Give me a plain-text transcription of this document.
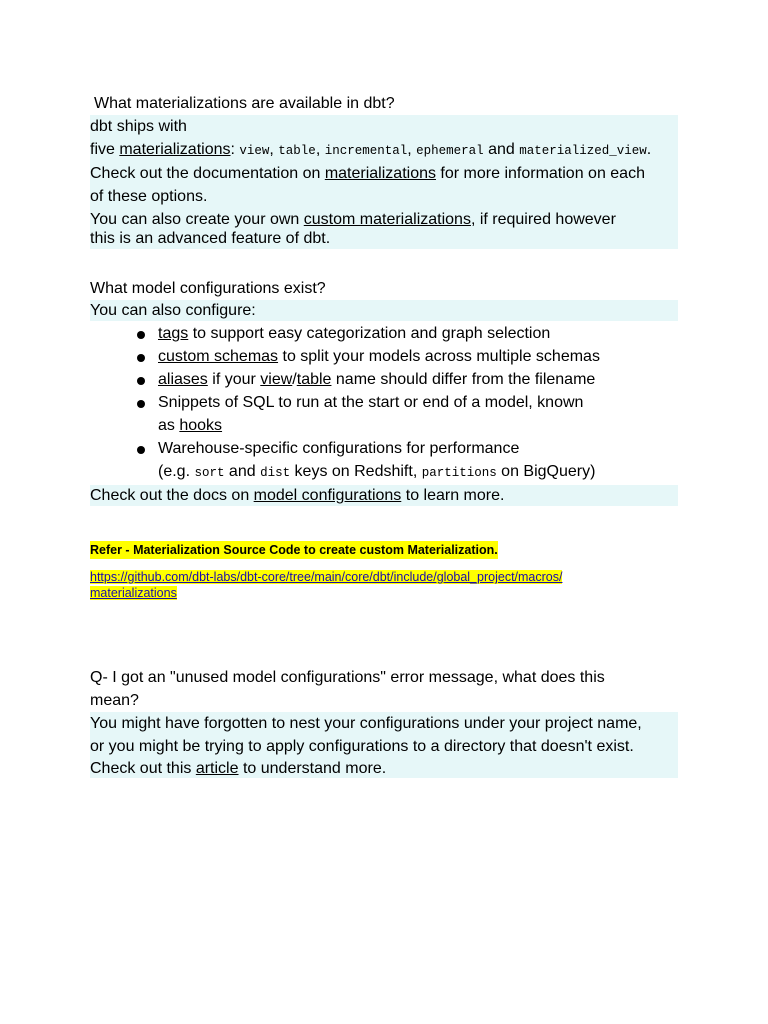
What materializations are available in dbt?
dbt ships with
five materializations: view, table, incremental, ephemeral and materialized_view.
Check out the documentation on materializations for more information on each
of these options.
You can also create your own custom materializations, if required however
this is an advanced feature of dbt.
What model configurations exist?
You can also configure:
tags to support easy categorization and graph selection
custom schemas to split your models across multiple schemas
aliases if your view/table name should differ from the filename
Snippets of SQL to run at the start or end of a model, known
as hooks
Warehouse-specific configurations for performance
(e.g. sort and dist keys on Redshift, partitions on BigQuery)
Check out the docs on model configurations to learn more.
Refer - Materialization Source Code to create custom Materialization.
https://github.com/dbt-labs/dbt-core/tree/main/core/dbt/include/global_project/macros/
materializations
Q- I got an "unused model configurations" error message, what does this
mean?
You might have forgotten to nest your configurations under your project name,
or you might be trying to apply configurations to a directory that doesn't exist.
Check out this article to understand more.
